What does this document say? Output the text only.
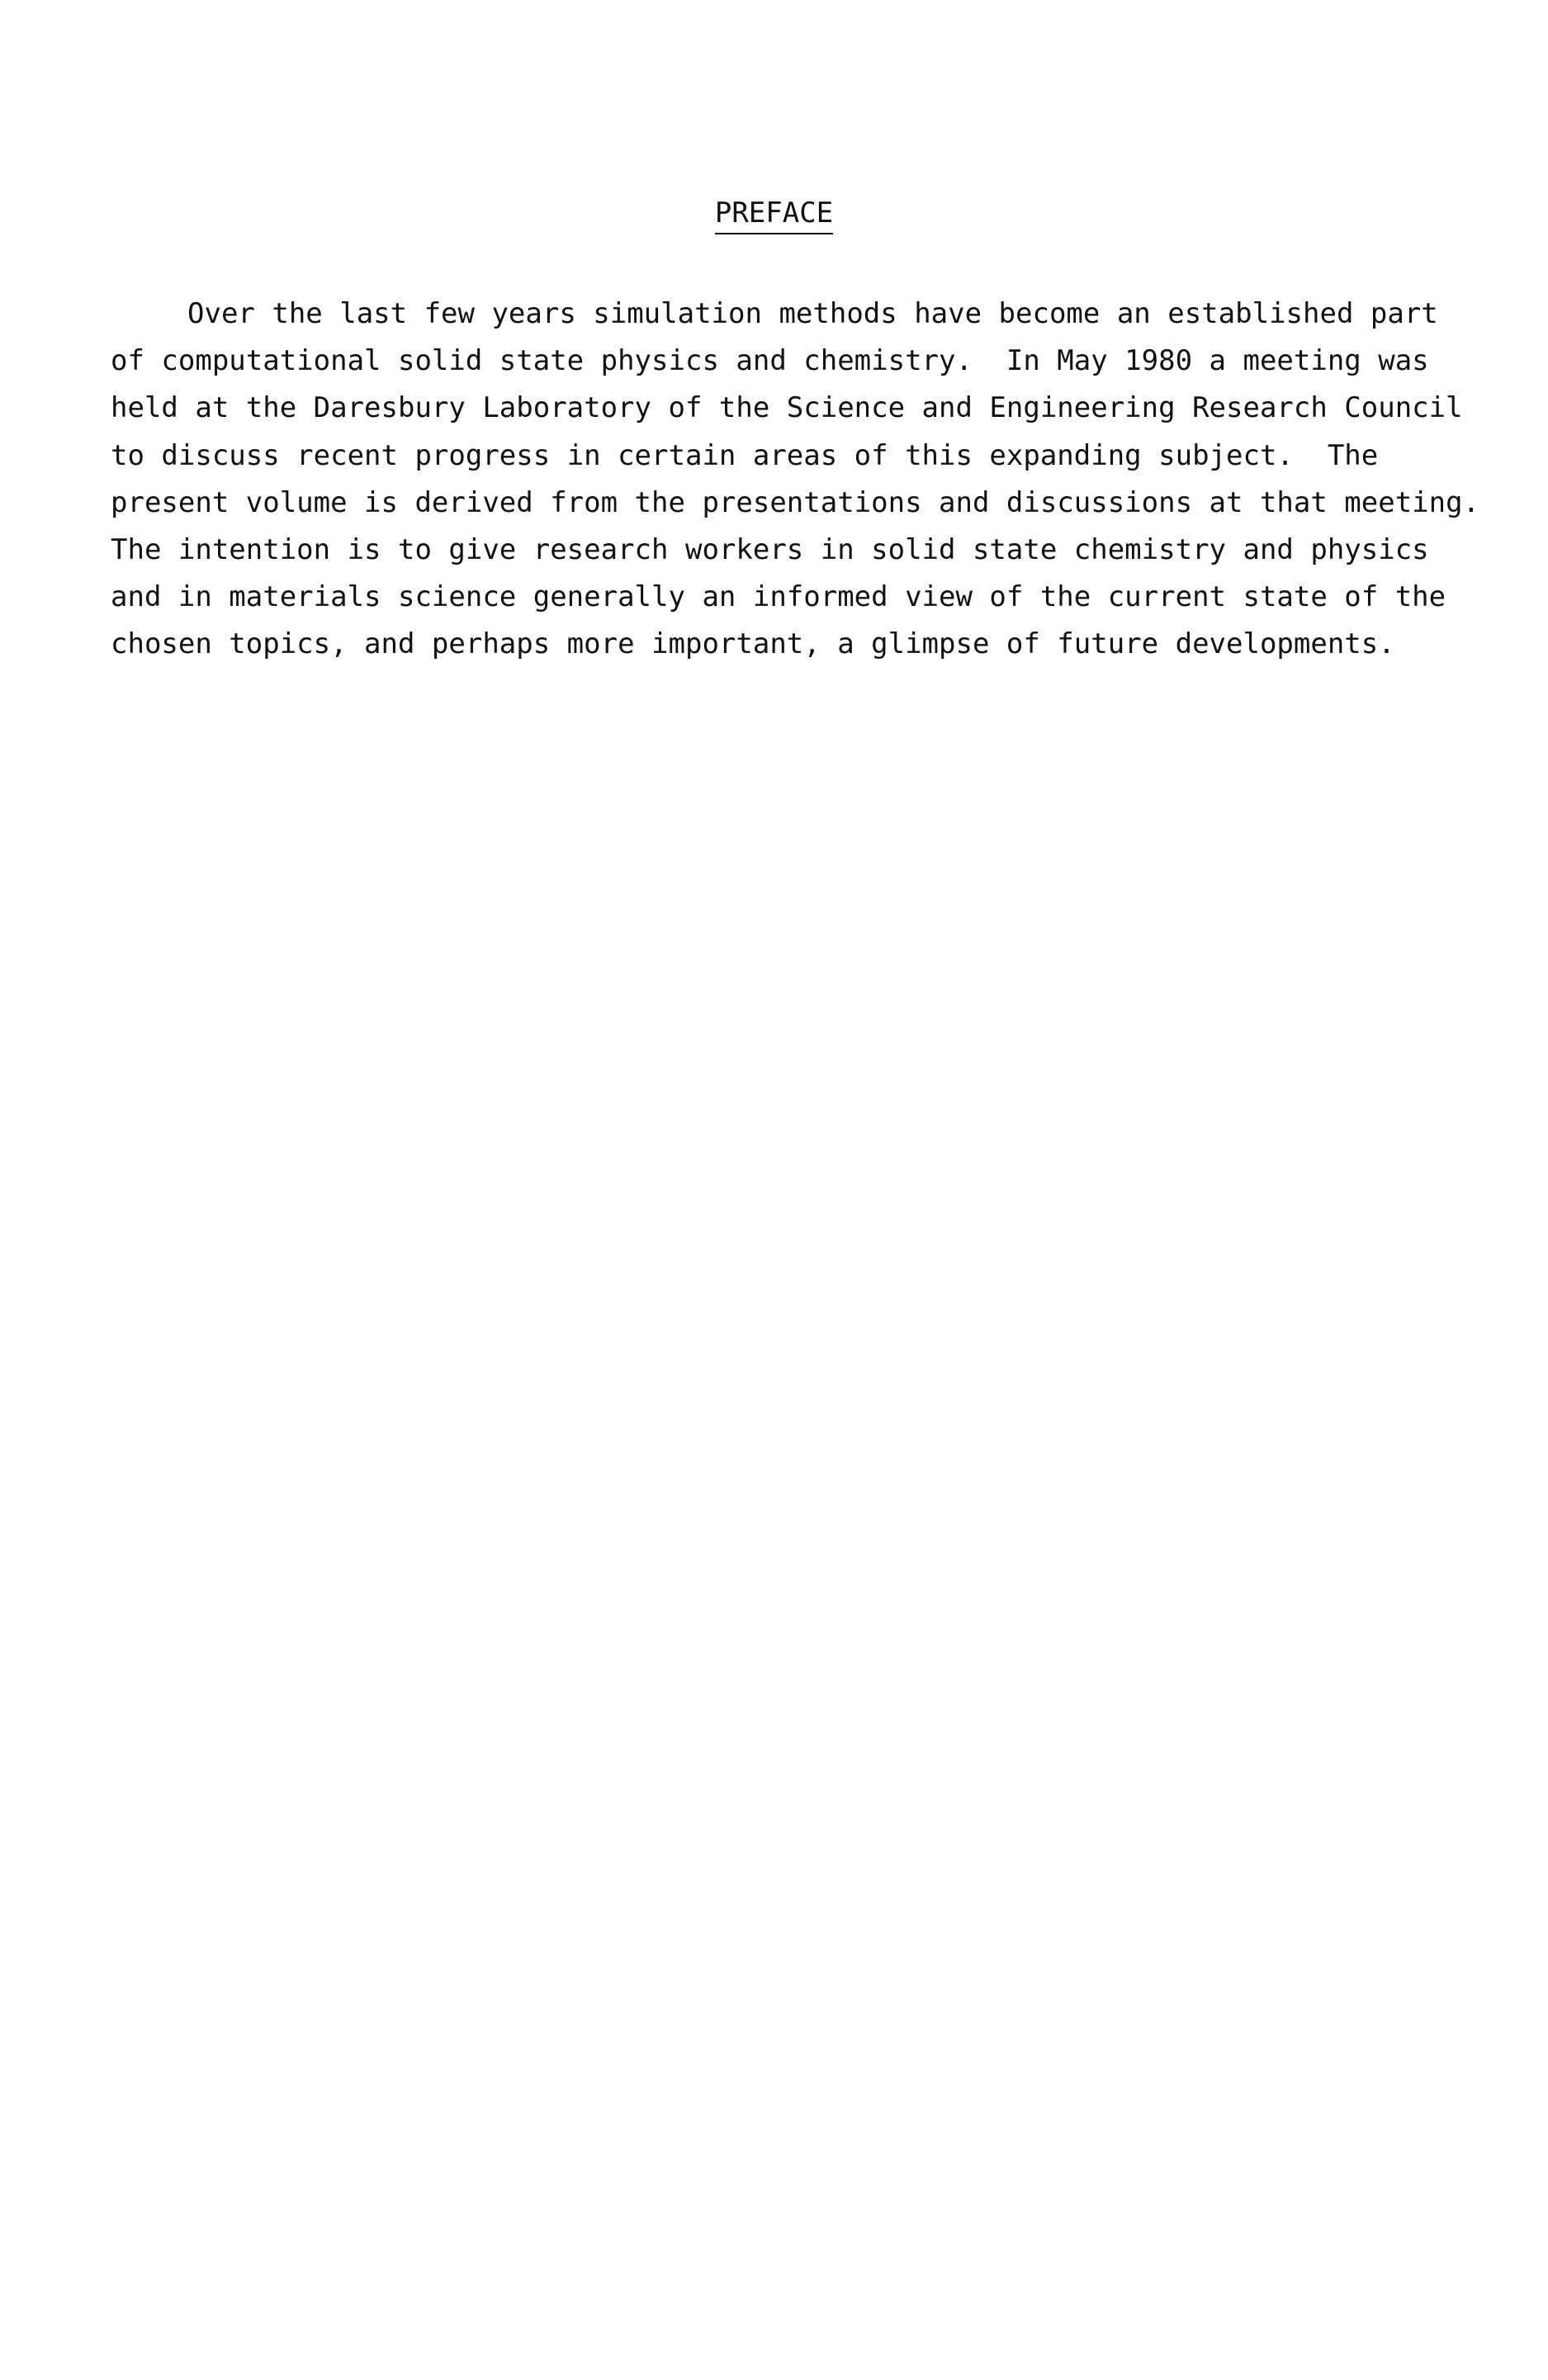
PREFACE
Over the last few years simulation methods have become an established part
of computational solid state physics and chemistry.  In May 1980 a meeting was
held at the Daresbury Laboratory of the Science and Engineering Research Council
to discuss recent progress in certain areas of this expanding subject.  The
present volume is derived from the presentations and discussions at that meeting.
The intention is to give research workers in solid state chemistry and physics
and in materials science generally an informed view of the current state of the
chosen topics, and perhaps more important, a glimpse of future developments.
